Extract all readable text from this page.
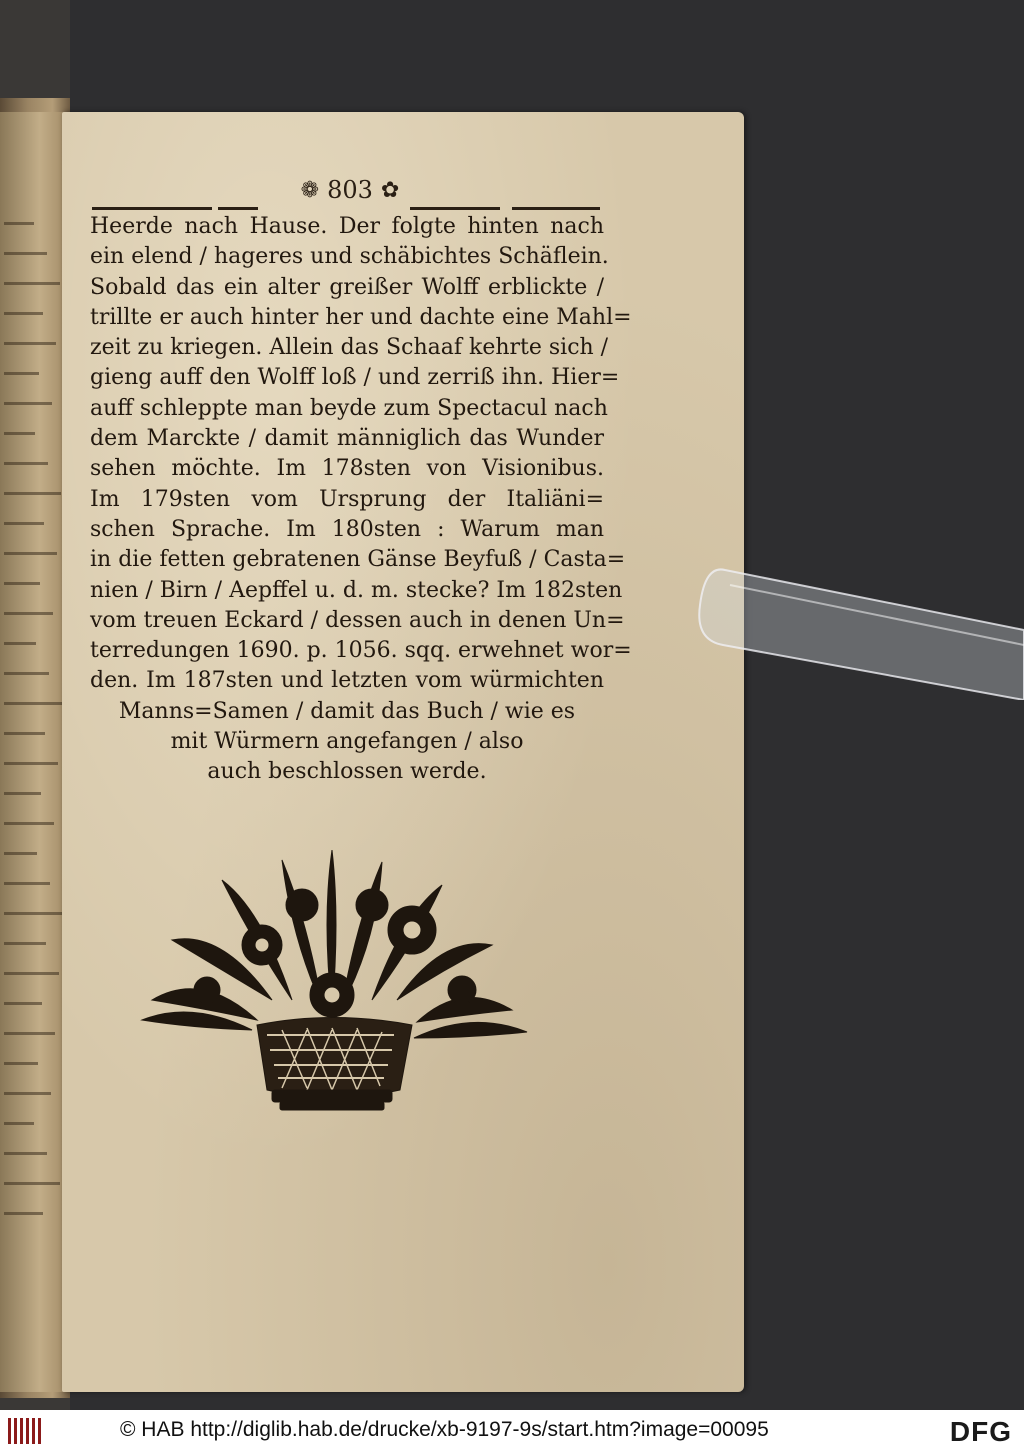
❁ 803 ✿
Heerde nach Hause. Der folgte hinten nach
ein elend / hageres und schäbichtes Schäflein.
Sobald das ein alter greißer Wolff erblickte /
trillte er auch hinter her und dachte eine Mahl=
zeit zu kriegen. Allein das Schaaf kehrte sich /
gieng auff den Wolff loß / und zerriß ihn. Hier=
auff schleppte man beyde zum Spectacul nach
dem Marckte / damit männiglich das Wunder
sehen möchte. Im 178sten von Visionibus.
Im 179sten vom Ursprung der Italiäni=
schen Sprache. Im 180sten : Warum man
in die fetten gebratenen Gänse Beyfuß / Casta=
nien / Birn / Aepffel u. d. m. stecke? Im 182sten
vom treuen Eckard / dessen auch in denen Un=
terredungen 1690. p. 1056. sqq. erwehnet wor=
den. Im 187sten und letzten vom würmichten
Manns=Samen / damit das Buch / wie es
mit Würmern angefangen / also
auch beschlossen werde.
© HAB http://diglib.hab.de/drucke/xb-9197-9s/start.htm?image=00095	DFG
